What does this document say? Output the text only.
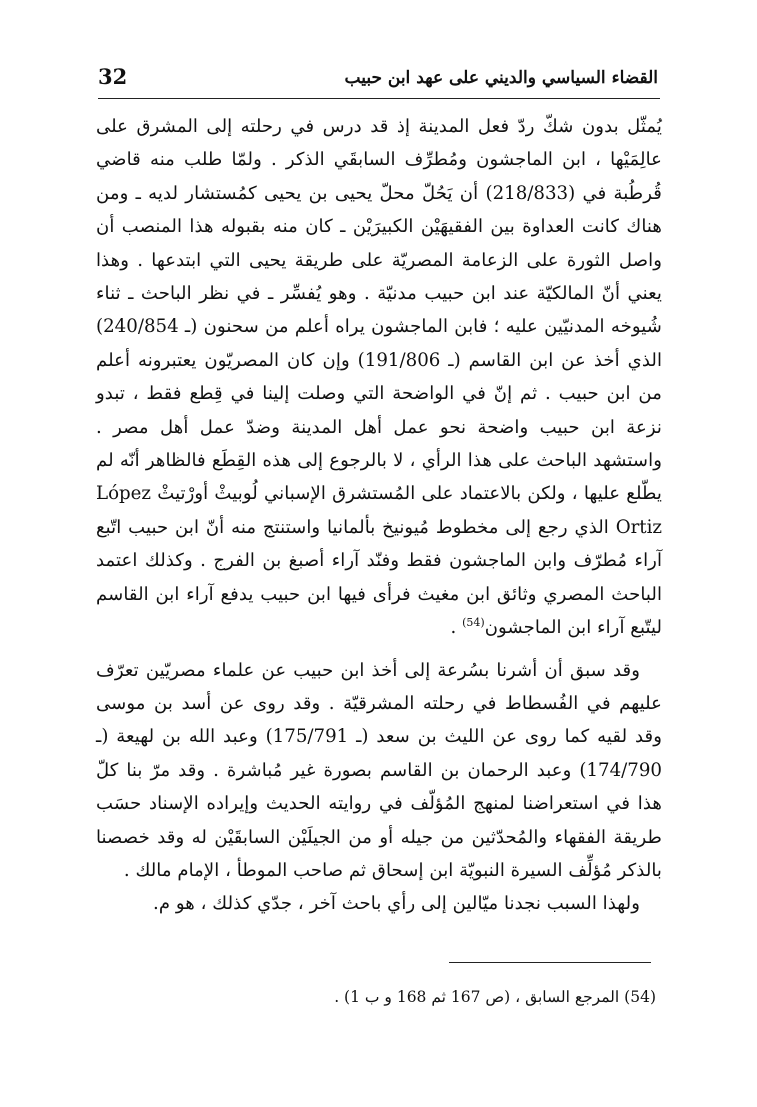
القضاء السياسي والديني على عهد ابن حبيب
32

يُمثّل بدون شكّ ردّ فعل المدينة إذ قد درس في رحلته إلى المشرق على عالِمَيْها ، ابن الماجشون ومُطرِّف السابقَي الذكر . ولمّا طلب منه قاضي قُرطُبة في (218/833) أن يَحُلّ محلّ يحيى بن يحيى كمُستشار لديه ـ ومن هناك كانت العداوة بين الفقيهَيْن الكبيرَيْن ـ كان منه بقبوله هذا المنصب أن واصل الثورة على الزعامة المصريّة على طريقة يحيى التي ابتدعها . وهذا يعني أنّ المالكيّة عند ابن حبيب مدنيّة . وهو يُفسِّر ـ في نظر الباحث ـ ثناء شُيوخه المدنيّين عليه ؛ فابن الماجشون يراه أعلم من سحنون (ـ 240/854) الذي أخذ عن ابن القاسم (ـ 191/806) وإن كان المصريّون يعتبرونه أعلم من ابن حبيب . ثم إنّ في الواضحة التي وصلت إلينا في قِطع فقط ، تبدو نزعة ابن حبيب واضحة نحو عمل أهل المدينة وضدّ عمل أهل مصر . واستشهد الباحث على هذا الرأي ، لا بالرجوع إلى هذه القِطَع فالظاهر أنّه لم يطّلع عليها ، ولكن بالاعتماد على المُستشرق الإسباني لُوبيثْ أورْتيثْ López Ortiz الذي رجع إلى مخطوط مُيونيخ بألمانيا واستنتج منه أنّ ابن حبيب اتّبع آراء مُطرّف وابن الماجشون فقط وفنّد آراء أصبغ بن الفرج . وكذلك اعتمد الباحث المصري وثائق ابن مغيث فرأى فيها ابن حبيب يدفع آراء ابن القاسم ليتّبع آراء ابن الماجشون$^{(54)}$ .

وقد سبق أن أشرنا بسُرعة إلى أخذ ابن حبيب عن علماء مصريّين تعرّف عليهم في الفُسطاط في رحلته المشرقيّة . وقد روى عن أسد بن موسى وقد لقيه كما روى عن الليث بن سعد (ـ 175/791) وعبد الله بن لهيعة (ـ 174/790) وعبد الرحمان بن القاسم بصورة غير مُباشرة . وقد مرّ بنا كلّ هذا في استعراضنا لمنهج المُؤلّف في روايته الحديث وإيراده الإسناد حسَب طريقة الفقهاء والمُحدّثين من جيله أو من الجيلَيْن السابقَيْن له وقد خصصنا بالذكر مُؤلِّف السيرة النبويّة ابن إسحاق ثم صاحب الموطأ ، الإمام مالك .

ولهذا السبب نجدنا ميّالين إلى رأي باحث آخر ، جدّي كذلك ، هو م.

(54) المرجع السابق ، (ص 167 ثم 168 و ب 1) .
